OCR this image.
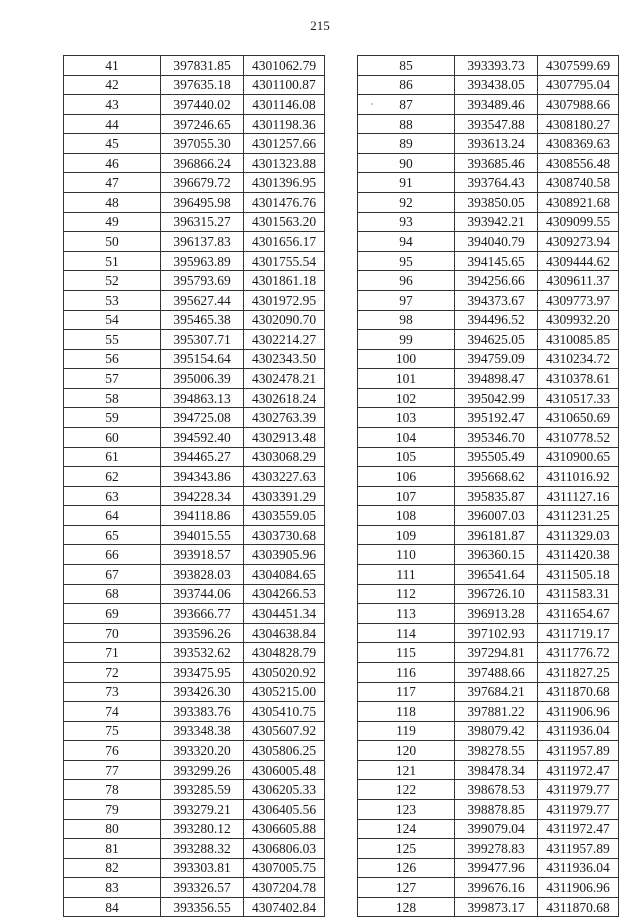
215
41	397831.85	4301062.79
42	397635.18	4301100.87
43	397440.02	4301146.08
44	397246.65	4301198.36
45	397055.30	4301257.66
46	396866.24	4301323.88
47	396679.72	4301396.95
48	396495.98	4301476.76
49	396315.27	4301563.20
50	396137.83	4301656.17
51	395963.89	4301755.54
52	395793.69	4301861.18
53	395627.44	4301972.95
54	395465.38	4302090.70
55	395307.71	4302214.27
56	395154.64	4302343.50
57	395006.39	4302478.21
58	394863.13	4302618.24
59	394725.08	4302763.39
60	394592.40	4302913.48
61	394465.27	4303068.29
62	394343.86	4303227.63
63	394228.34	4303391.29
64	394118.86	4303559.05
65	394015.55	4303730.68
66	393918.57	4303905.96
67	393828.03	4304084.65
68	393744.06	4304266.53
69	393666.77	4304451.34
70	393596.26	4304638.84
71	393532.62	4304828.79
72	393475.95	4305020.92
73	393426.30	4305215.00
74	393383.76	4305410.75
75	393348.38	4305607.92
76	393320.20	4305806.25
77	393299.26	4306005.48
78	393285.59	4306205.33
79	393279.21	4306405.56
80	393280.12	4306605.88
81	393288.32	4306806.03
82	393303.81	4307005.75
83	393326.57	4307204.78
84	393356.55	4307402.84
85	393393.73	4307599.69
86	393438.05	4307795.04
87	393489.46	4307988.66
88	393547.88	4308180.27
89	393613.24	4308369.63
90	393685.46	4308556.48
91	393764.43	4308740.58
92	393850.05	4308921.68
93	393942.21	4309099.55
94	394040.79	4309273.94
95	394145.65	4309444.62
96	394256.66	4309611.37
97	394373.67	4309773.97
98	394496.52	4309932.20
99	394625.05	4310085.85
100	394759.09	4310234.72
101	394898.47	4310378.61
102	395042.99	4310517.33
103	395192.47	4310650.69
104	395346.70	4310778.52
105	395505.49	4310900.65
106	395668.62	4311016.92
107	395835.87	4311127.16
108	396007.03	4311231.25
109	396181.87	4311329.03
110	396360.15	4311420.38
111	396541.64	4311505.18
112	396726.10	4311583.31
113	396913.28	4311654.67
114	397102.93	4311719.17
115	397294.81	4311776.72
116	397488.66	4311827.25
117	397684.21	4311870.68
118	397881.22	4311906.96
119	398079.42	4311936.04
120	398278.55	4311957.89
121	398478.34	4311972.47
122	398678.53	4311979.77
123	398878.85	4311979.77
124	399079.04	4311972.47
125	399278.83	4311957.89
126	399477.96	4311936.04
127	399676.16	4311906.96
128	399873.17	4311870.68
